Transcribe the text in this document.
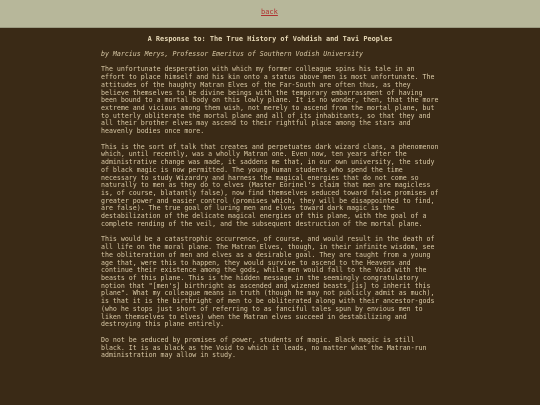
back
A Response to: The True History of Vohdish and Tavi Peoples
by Marcius Merys, Professor Emeritus of Southern Vodish University

The unfortunate desperation with which my former colleague spins his tale in an effort to place himself and his kin onto a status above men is most unfortunate. The attitudes of the haughty Matran Elves of the Far-South are often thus, as they believe themselves to be divine beings with the temporary embarrassment of having been bound to a mortal body on this lowly plane. It is no wonder, then, that the more extreme and vicious among them wish, not merely to ascend from the mortal plane, but to utterly obliterate the mortal plane and all of its inhabitants, so that they and all their brother elves may ascend to their rightful place among the stars and heavenly bodies once more.

This is the sort of talk that creates and perpetuates dark wizard clans, a phenomenon which, until recently, was a wholly Matran one. Even now, ten years after the administrative change was made, it saddens me that, in our own university, the study of black magic is now permitted. The young human students who spend the time necessary to study Wizardry and harness the magical energies that do not come so naturally to men as they do to elves (Master Eorinel's claim that men are magicless is, of course, blatantly false), now find themselves seduced toward false promises of greater power and easier control (promises which, they will be disappointed to find, are false). The true goal of luring men and elves toward dark magic is the destabilization of the delicate magical energies of this plane, with the goal of a complete rending of the veil, and the subsequent destruction of the mortal plane.

This would be a catastrophic occurrence, of course, and would result in the death of all life on the moral plane. The Matran Elves, though, in their infinite wisdom, see the obliteration of men and elves as a desirable goal. They are taught from a young age that, were this to happen, they would survive to ascend to the Heavens and continue their existence among the gods, while men would fall to the Void with the beasts of this plane. This is the hidden message in the seemingly congratulatory notion that "[men's] birthright as ascended and wizened beasts [is] to inherit this plane". What my colleague means in truth (though he may not publicly admit as much), is that it is the birthright of men to be obliterated along with their ancestor-gods (who he stops just short of referring to as fanciful tales spun by envious men to liken themselves to elves) when the Matran elves succeed in destabilizing and destroying this plane entirely.

Do not be seduced by promises of power, students of magic. Black magic is still black. It is as black as the Void to which it leads, no matter what the Matran-run administration may allow in study.
